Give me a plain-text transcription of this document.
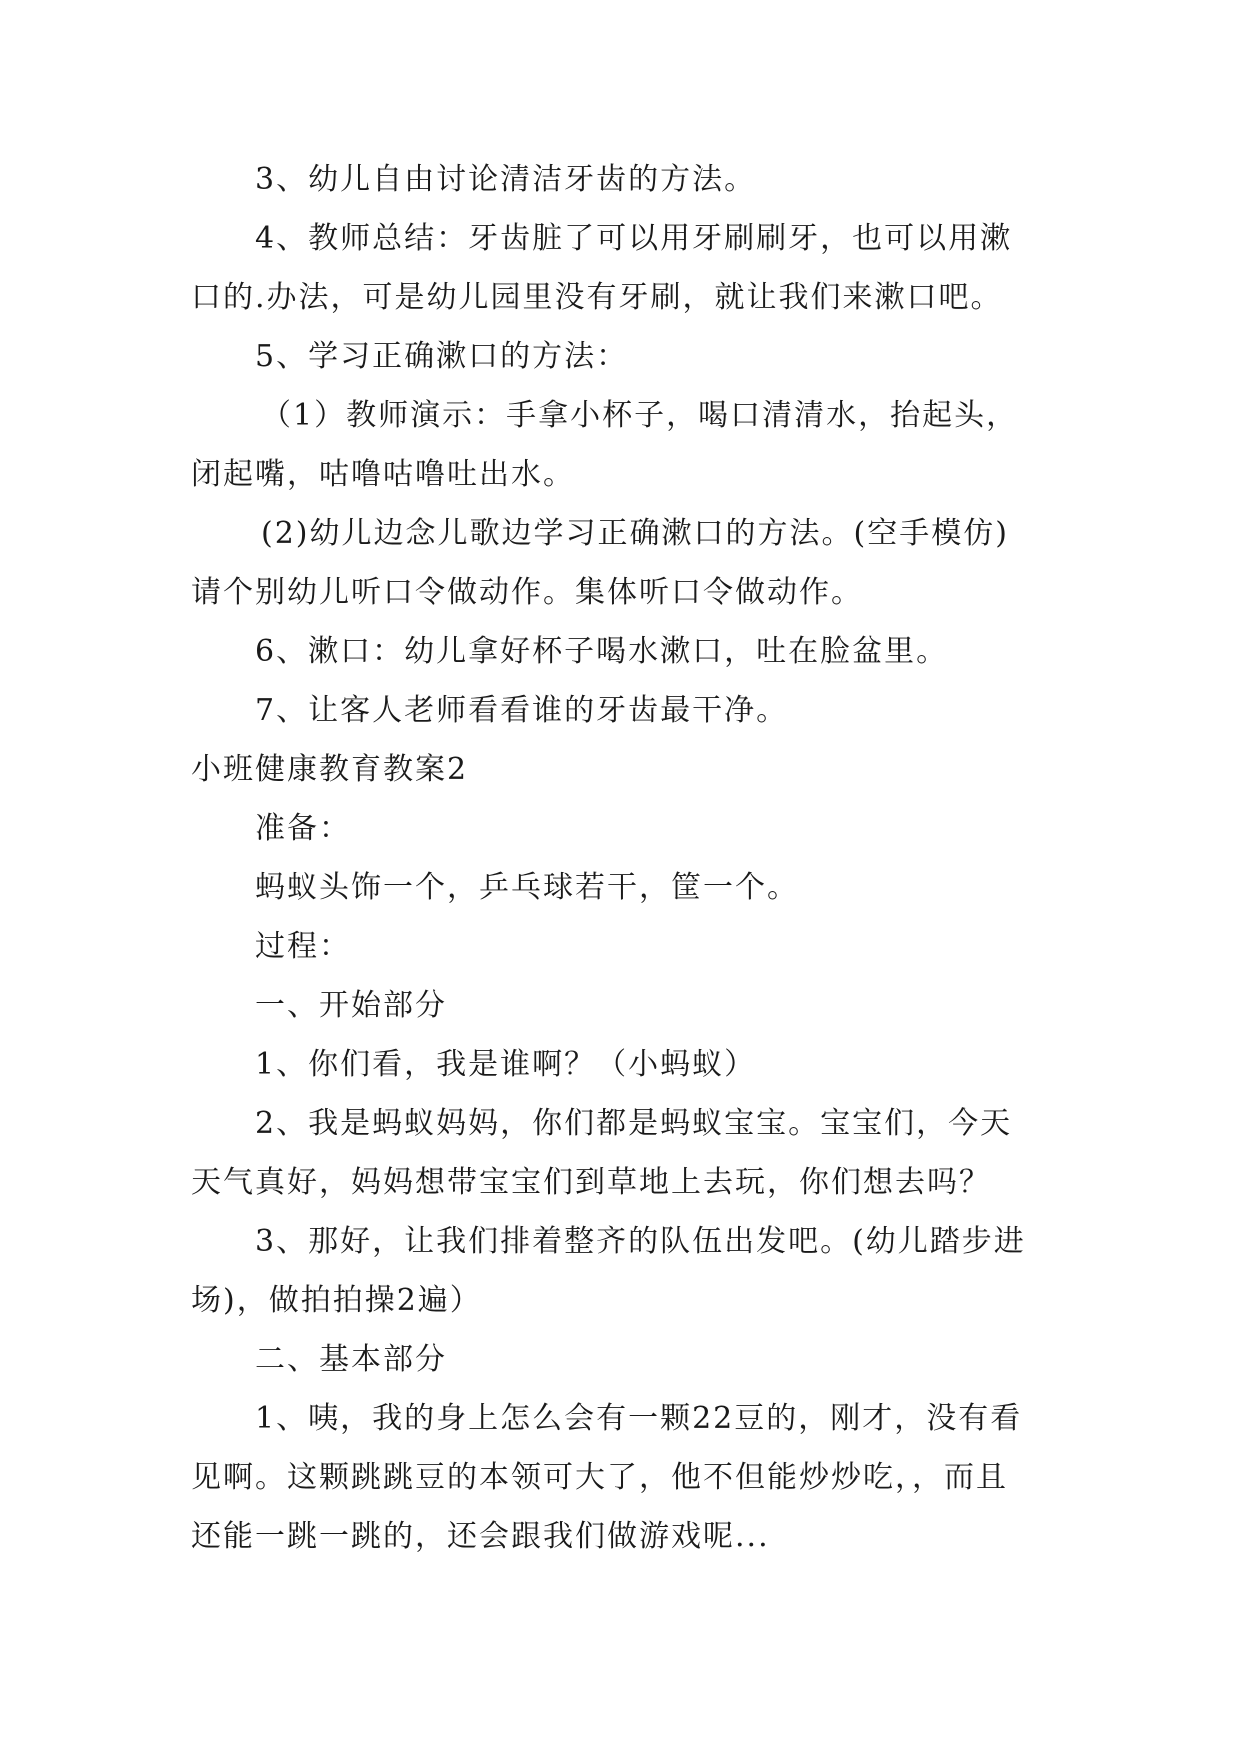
3、幼儿自由讨论清洁牙齿的方法。
4、教师总结：牙齿脏了可以用牙刷刷牙，也可以用漱
口的.办法，可是幼儿园里没有牙刷，就让我们来漱口吧。
5、学习正确漱口的方法：
（1）教师演示：手拿小杯子，喝口清清水，抬起头，
闭起嘴，咕噜咕噜吐出水。
(2)幼儿边念儿歌边学习正确漱口的方法。(空手模仿)
请个别幼儿听口令做动作。集体听口令做动作。
6、漱口：幼儿拿好杯子喝水漱口，吐在脸盆里。
7、让客人老师看看谁的牙齿最干净。
小班健康教育教案2
准备：
蚂蚁头饰一个，乒乓球若干，筐一个。
过程：
一、开始部分
1、你们看，我是谁啊？（小蚂蚁）
2、我是蚂蚁妈妈，你们都是蚂蚁宝宝。宝宝们，今天
天气真好，妈妈想带宝宝们到草地上去玩，你们想去吗？
3、那好，让我们排着整齐的队伍出发吧。(幼儿踏步进
场)，做拍拍操2遍）
二、基本部分
1、咦，我的身上怎么会有一颗22豆的，刚才，没有看
见啊。这颗跳跳豆的本领可大了，他不但能炒炒吃，，而且
还能一跳一跳的，还会跟我们做游戏呢...
